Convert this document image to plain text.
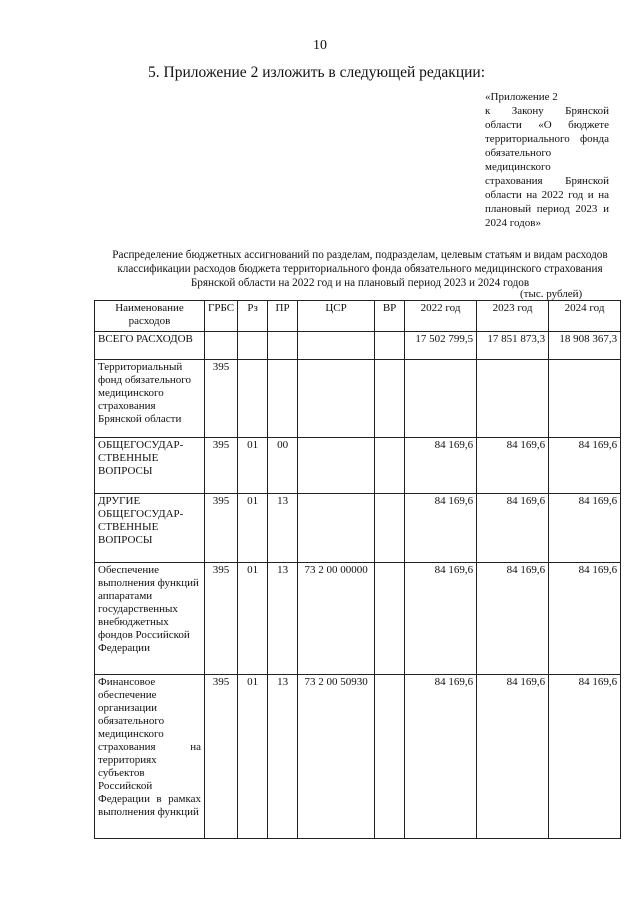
10
5. Приложение 2 изложить в следующей редакции:
«Приложение 2
к Закону Брянской области «О бюджете территориального фонда обязательного медицинского страхования Брянской области на 2022 год и на плановый период 2023 и 2024 годов»
Распределение бюджетных ассигнований по разделам, подразделам, целевым статьям и видам расходов классификации расходов бюджета территориального фонда обязательного медицинского страхования Брянской области на 2022 год и на плановый период 2023 и 2024 годов
(тыс. рублей)
Наименование расходов	ГРБС	Рз	ПР	ЦСР	ВР	2022 год	2023 год	2024 год
ВСЕГО РАСХОДОВ						17 502 799,5	17 851 873,3	18 908 367,3
Территориальный фонд обязательного медицинского страхования Брянской области	395							
ОБЩЕГОСУДАР-СТВЕННЫЕ ВОПРОСЫ	395	01	00			84 169,6	84 169,6	84 169,6
ДРУГИЕ ОБЩЕГОСУДАР-СТВЕННЫЕ ВОПРОСЫ	395	01	13			84 169,6	84 169,6	84 169,6
Обеспечение выполнения функций аппаратами государственных внебюджетных фондов Российской Федерации	395	01	13	73 2 00 00000		84 169,6	84 169,6	84 169,6
Финансовое обеспечение организации обязательного медицинского страхования на территориях субъектов Российской Федерации в рамках выполнения функций	395	01	13	73 2 00 50930		84 169,6	84 169,6	84 169,6
